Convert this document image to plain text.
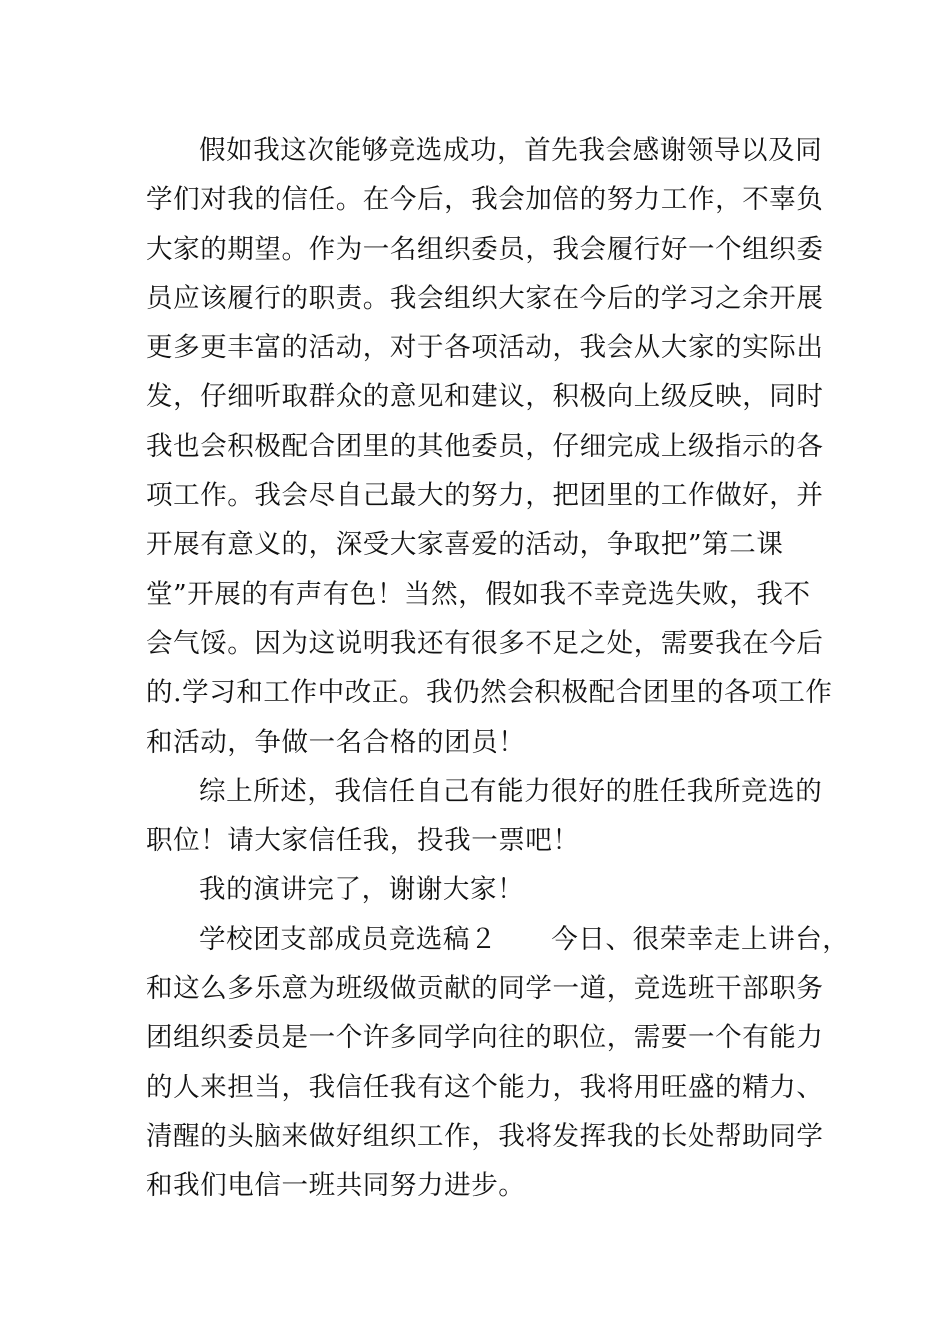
假如我这次能够竞选成功，首先我会感谢领导以及同
学们对我的信任。在今后，我会加倍的努力工作，不辜负
大家的期望。作为一名组织委员，我会履行好一个组织委
员应该履行的职责。我会组织大家在今后的学习之余开展
更多更丰富的活动，对于各项活动，我会从大家的实际出
发，仔细听取群众的意见和建议，积极向上级反映，同时
我也会积极配合团里的其他委员，仔细完成上级指示的各
项工作。我会尽自己最大的努力，把团里的工作做好，并
开展有意义的，深受大家喜爱的活动，争取把”第二课
堂”开展的有声有色！当然，假如我不幸竞选失败，我不
会气馁。因为这说明我还有很多不足之处，需要我在今后
的.学习和工作中改正。我仍然会积极配合团里的各项工作
和活动，争做一名合格的团员！
综上所述，我信任自己有能力很好的胜任我所竞选的
职位！请大家信任我，投我一票吧！
我的演讲完了，谢谢大家！
学校团支部成员竞选稿２　　今日、很荣幸走上讲台，
和这么多乐意为班级做贡献的同学一道，竞选班干部职务
团组织委员是一个许多同学向往的职位，需要一个有能力
的人来担当，我信任我有这个能力，我将用旺盛的精力、
清醒的头脑来做好组织工作，我将发挥我的长处帮助同学
和我们电信一班共同努力进步。
